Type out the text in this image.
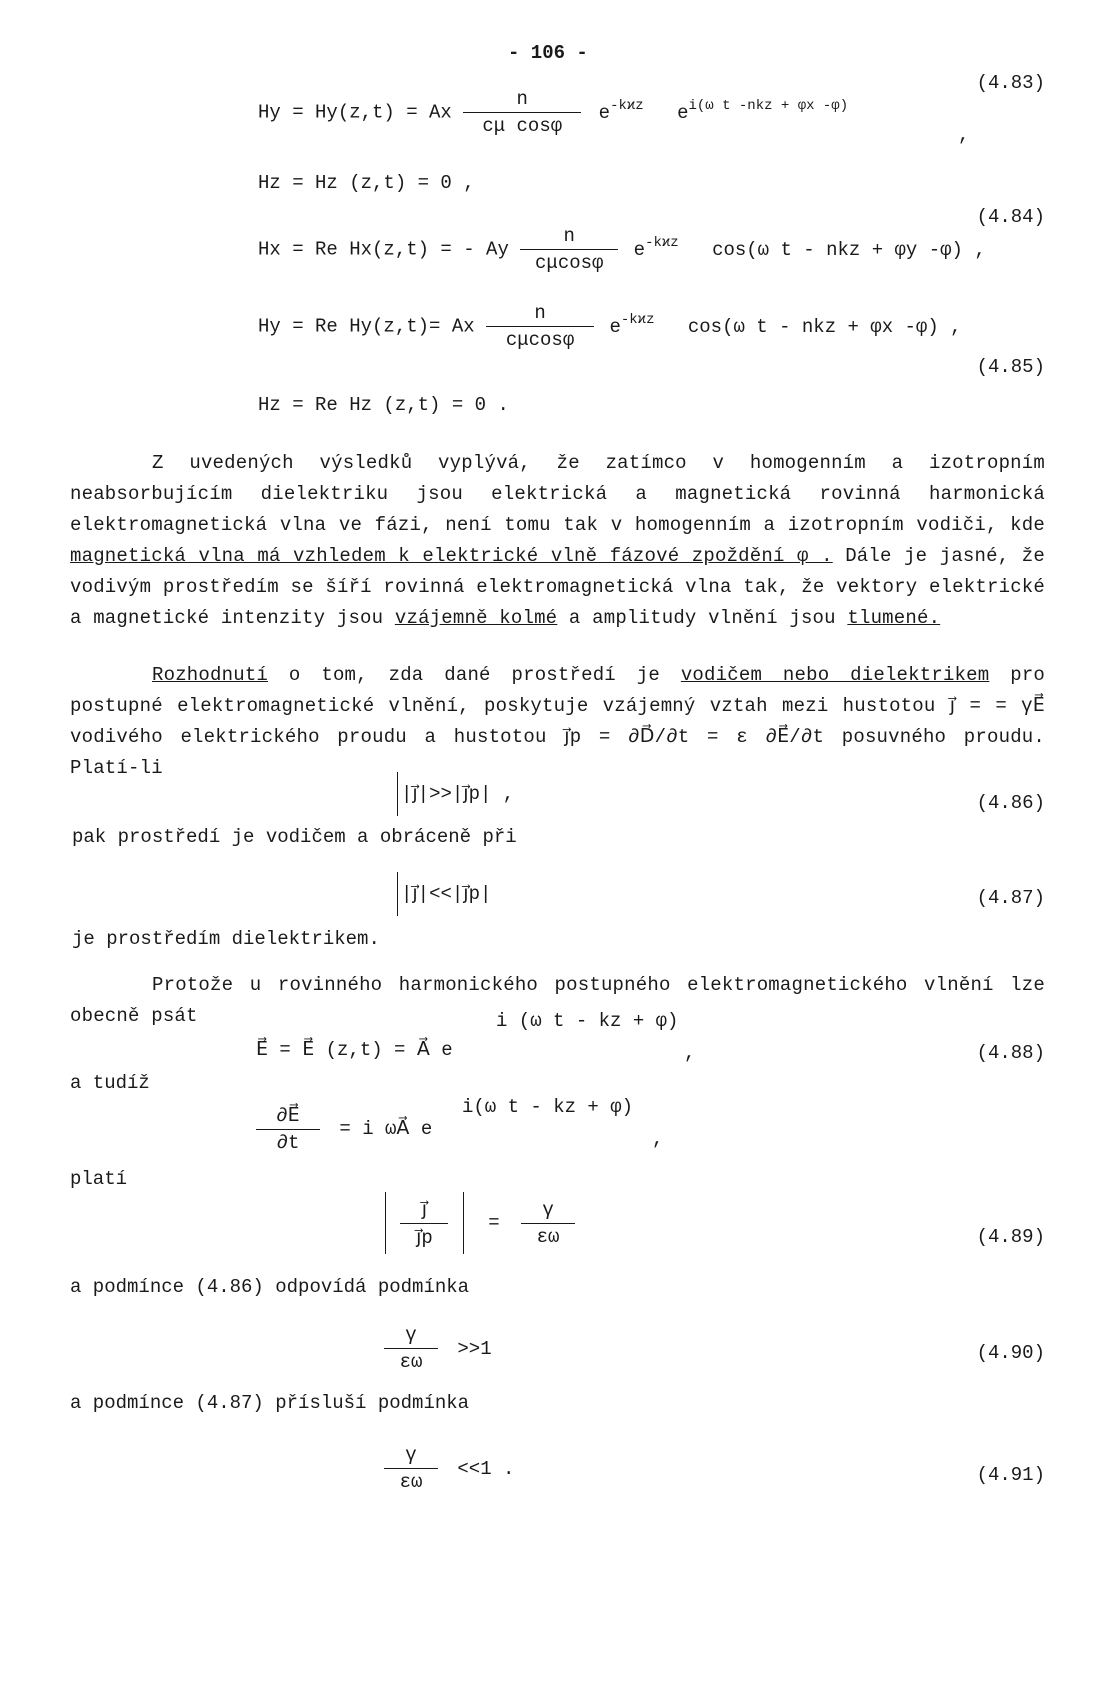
- 106 -
Hy = Hy(z,t) = Ax $\frac{n}{\text{cμ cosφ}} e^{-kϰz}$ $e^{i(\omega t -nkz + \varphi x -\varphi)}$
,
(4.83)
Hz = Hz (z,t) = 0 ,
Hx = Re Hx(z,t) = - Ay $\frac{n}{c\mu\cos\varphi} e^{-kϰz}$ cos(ω t - nkz + φy -φ) ,
(4.84)
Hy = Re Hy(z,t)= Ax $\frac{n}{c\mu\cos\varphi} e^{-kϰz}$ cos(ω t - nkz + φx -φ) ,
(4.85)
Hz = Re Hz (z,t) = 0 .
Z uvedených výsledků vyplývá, že zatímco v homogenním a izotropním neabsorbujícím dielektriku jsou elektrická a magnetická rovinná harmonická elektromagnetická vlna ve fázi, není tomu tak v homogenním a izotropním vodiči, kde magnetická vlna má vzhledem k elektrické vlně fázové zpoždění φ . Dále je jasné, že vodivým prostředím se šíří rovinná elektromagnetická vlna tak, že vektory elektrické a magnetické intenzity jsou vzájemně kolmé a amplitudy vlnění jsou tlumené.
Rozhodnutí o tom, zda dané prostředí je vodičem nebo dielektrikem pro postupné elektromagnetické vlnění, poskytuje vzájemný vztah mezi hustotou j⃗ = = γE⃗ vodivého elektrického proudu a hustotou j⃗p = ∂D⃗/∂t = ε ∂E⃗/∂t posuvného proudu. Platí-li
|j⃗|>>|j⃗p| ,	(4.86)
pak prostředí je vodičem a obráceně při
|j⃗|<<|j⃗p|	(4.87)
je prostředím dielektrikem.
Protože u rovinného harmonického postupného elektromagnetického vlnění lze obecně psát	i (ω t - kz + φ)
E⃗ = E⃗ (z,t) = A⃗ e	,	(4.88)
a tudíž
i(ω t - kz + φ)
$\frac{\partial E⃗}{\partial t} = i$ ωA⃗ e	,
platí

$\frac{j⃗}{j⃗p} = \frac{\gamma}{\varepsilon\omega}$	(4.89)
a podmínce (4.86) odpovídá podmínka
$\frac{\gamma}{\varepsilon\omega} >>1$	(4.90)
a podmínce (4.87) přísluší podmínka
$\frac{\gamma}{\varepsilon\omega} <<1$ .	(4.91)
